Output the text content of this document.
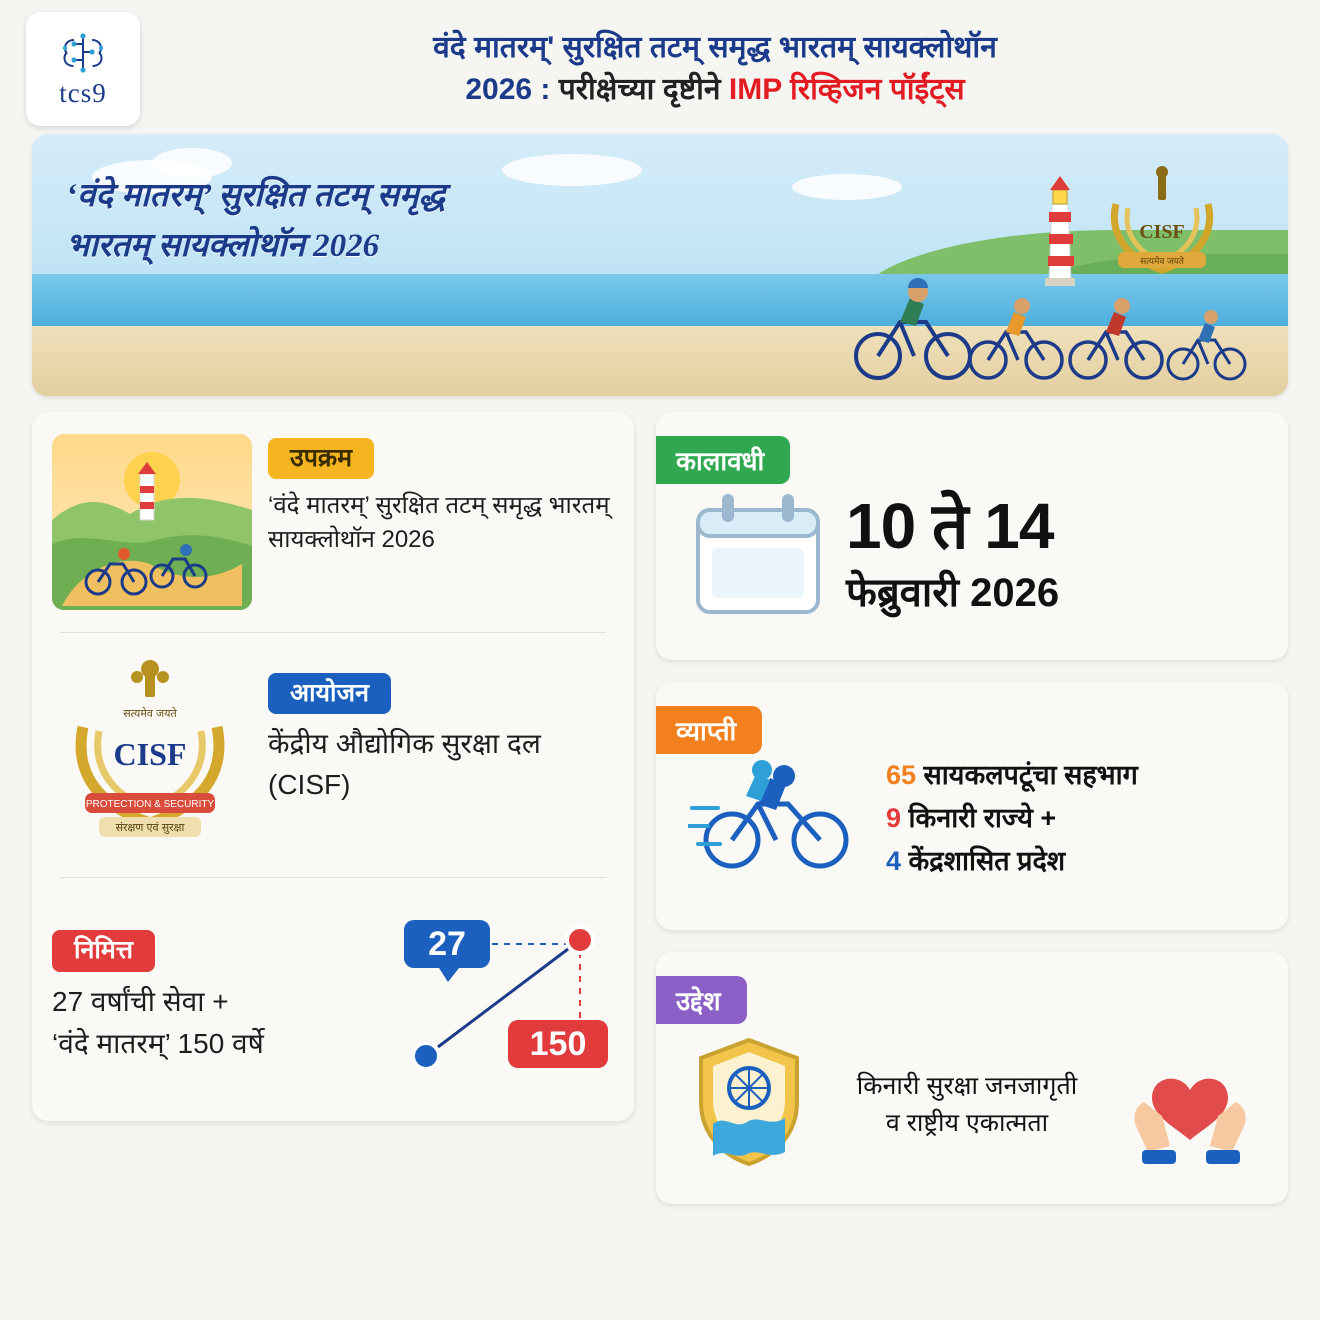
tcs9
वंदे मातरम्' सुरक्षित तटम् समृद्ध भारतम् सायक्लोथॉन
2026 : परीक्षेच्या दृष्टीने IMP रिव्हिजन पॉईंट्स
‘वंदे मातरम्’ सुरक्षित तटम् समृद्ध
भारतम् सायक्लोथॉन 2026	CISF
सत्यमेव जयते
उपक्रम
‘वंदे मातरम्’ सुरक्षित तटम् समृद्ध भारतम् सायक्लोथॉन 2026
सत्यमेव जयते
CISF
PROTECTION & SECURITY
संरक्षण एवं सुरक्षा
आयोजन
केंद्रीय औद्योगिक सुरक्षा दल (CISF)
निमित्त
27 वर्षांची सेवा +
‘वंदे मातरम्’ 150 वर्षे
27
150
कालावधी
10 ते 14
फेब्रुवारी 2026
व्याप्ती
65 सायकलपटूंचा सहभाग
9 किनारी राज्ये +
4 केंद्रशासित प्रदेश
उद्देश
किनारी सुरक्षा जनजागृती
व राष्ट्रीय एकात्मता
